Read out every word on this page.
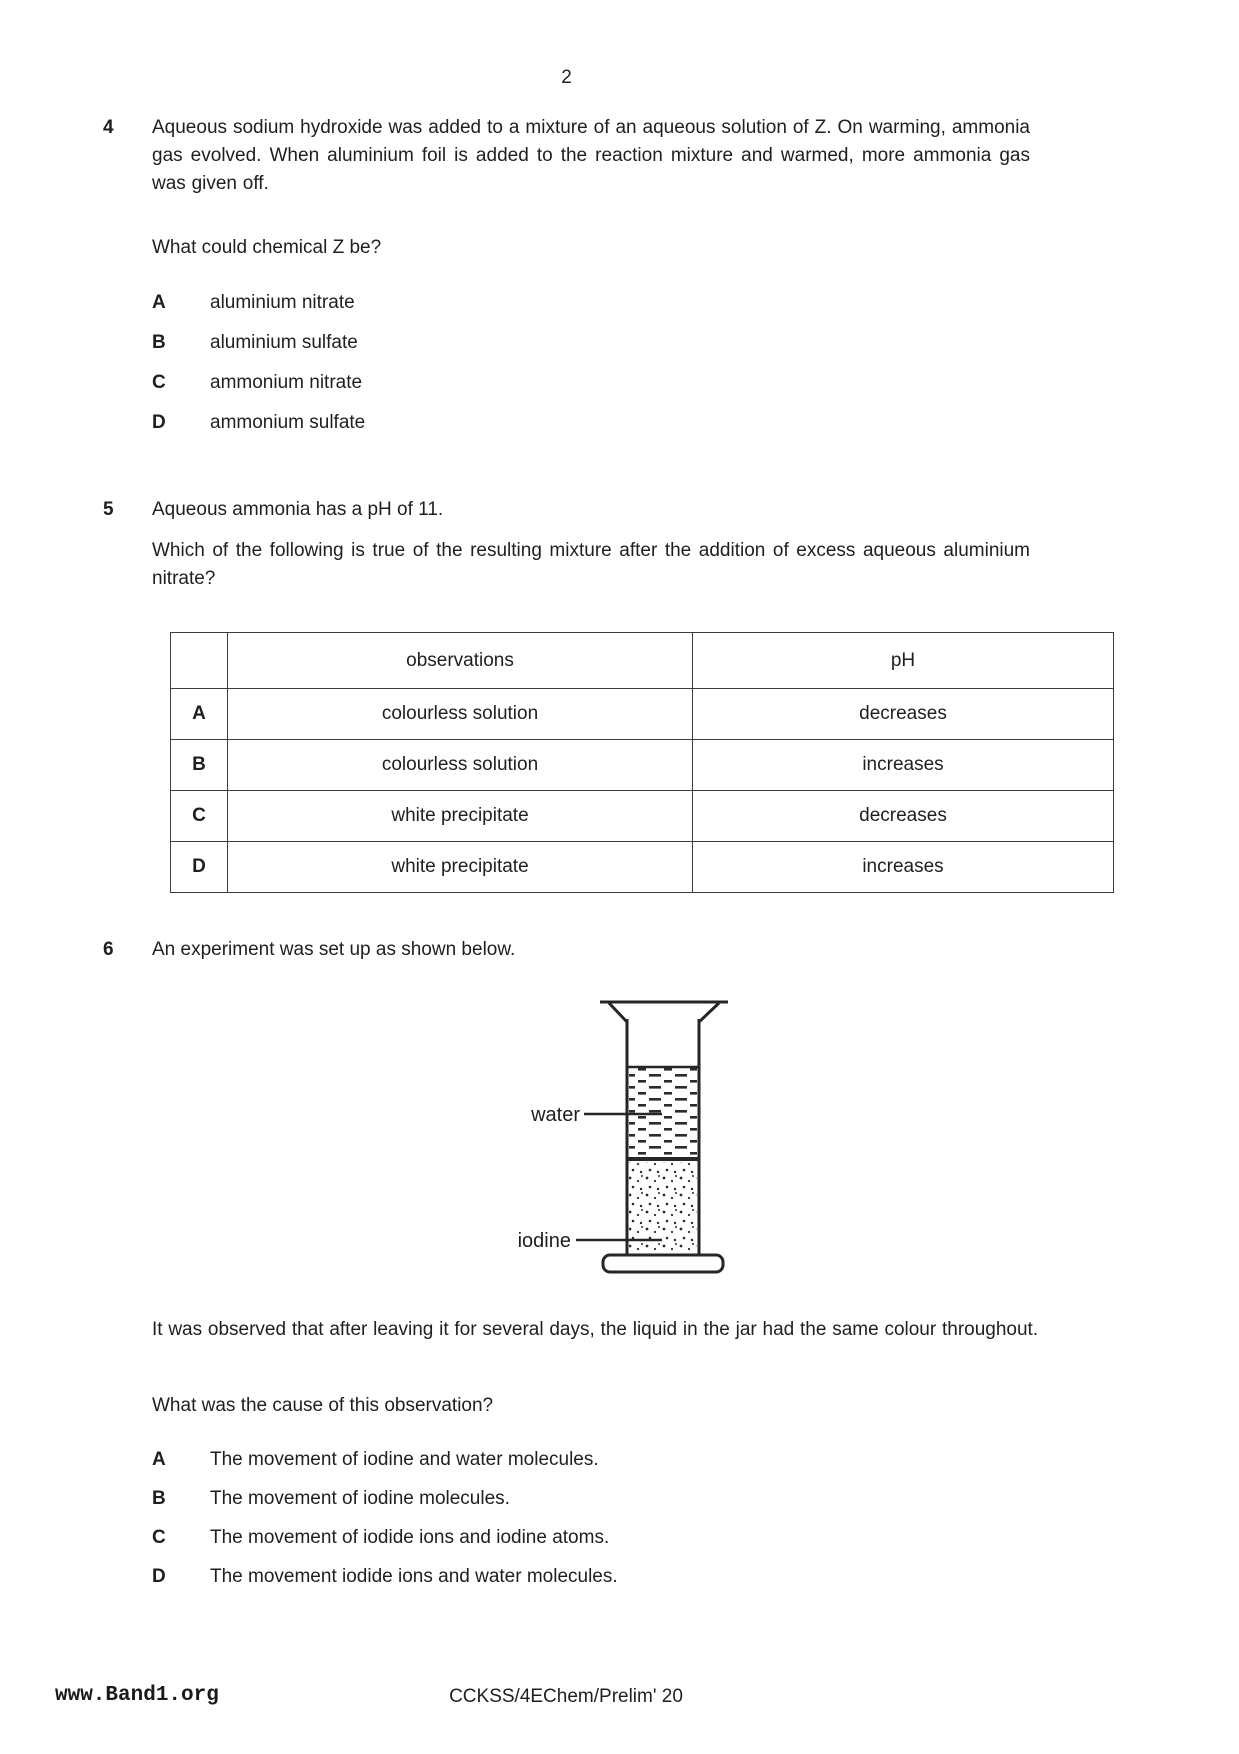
2
4 Aqueous sodium hydroxide was added to a mixture of an aqueous solution of Z. On warming, ammonia gas evolved. When aluminium foil is added to the reaction mixture and warmed, more ammonia gas was given off.
What could chemical Z be?
A	aluminium nitrate
B	aluminium sulfate
C	ammonium nitrate
D	ammonium sulfate
5 Aqueous ammonia has a pH of 11.
Which of the following is true of the resulting mixture after the addition of excess aqueous aluminium nitrate?
	observations	pH
A	colourless solution	decreases
B	colourless solution	increases
C	white precipitate	decreases
D	white precipitate	increases
6 An experiment was set up as shown below.
water
iodine
It was observed that after leaving it for several days, the liquid in the jar had the same colour throughout.
What was the cause of this observation?
A	The movement of iodine and water molecules.
B	The movement of iodine molecules.
C	The movement of iodide ions and iodine atoms.
D	The movement iodide ions and water molecules.
www.Band1.org	CCKSS/4EChem/Prelim' 20
